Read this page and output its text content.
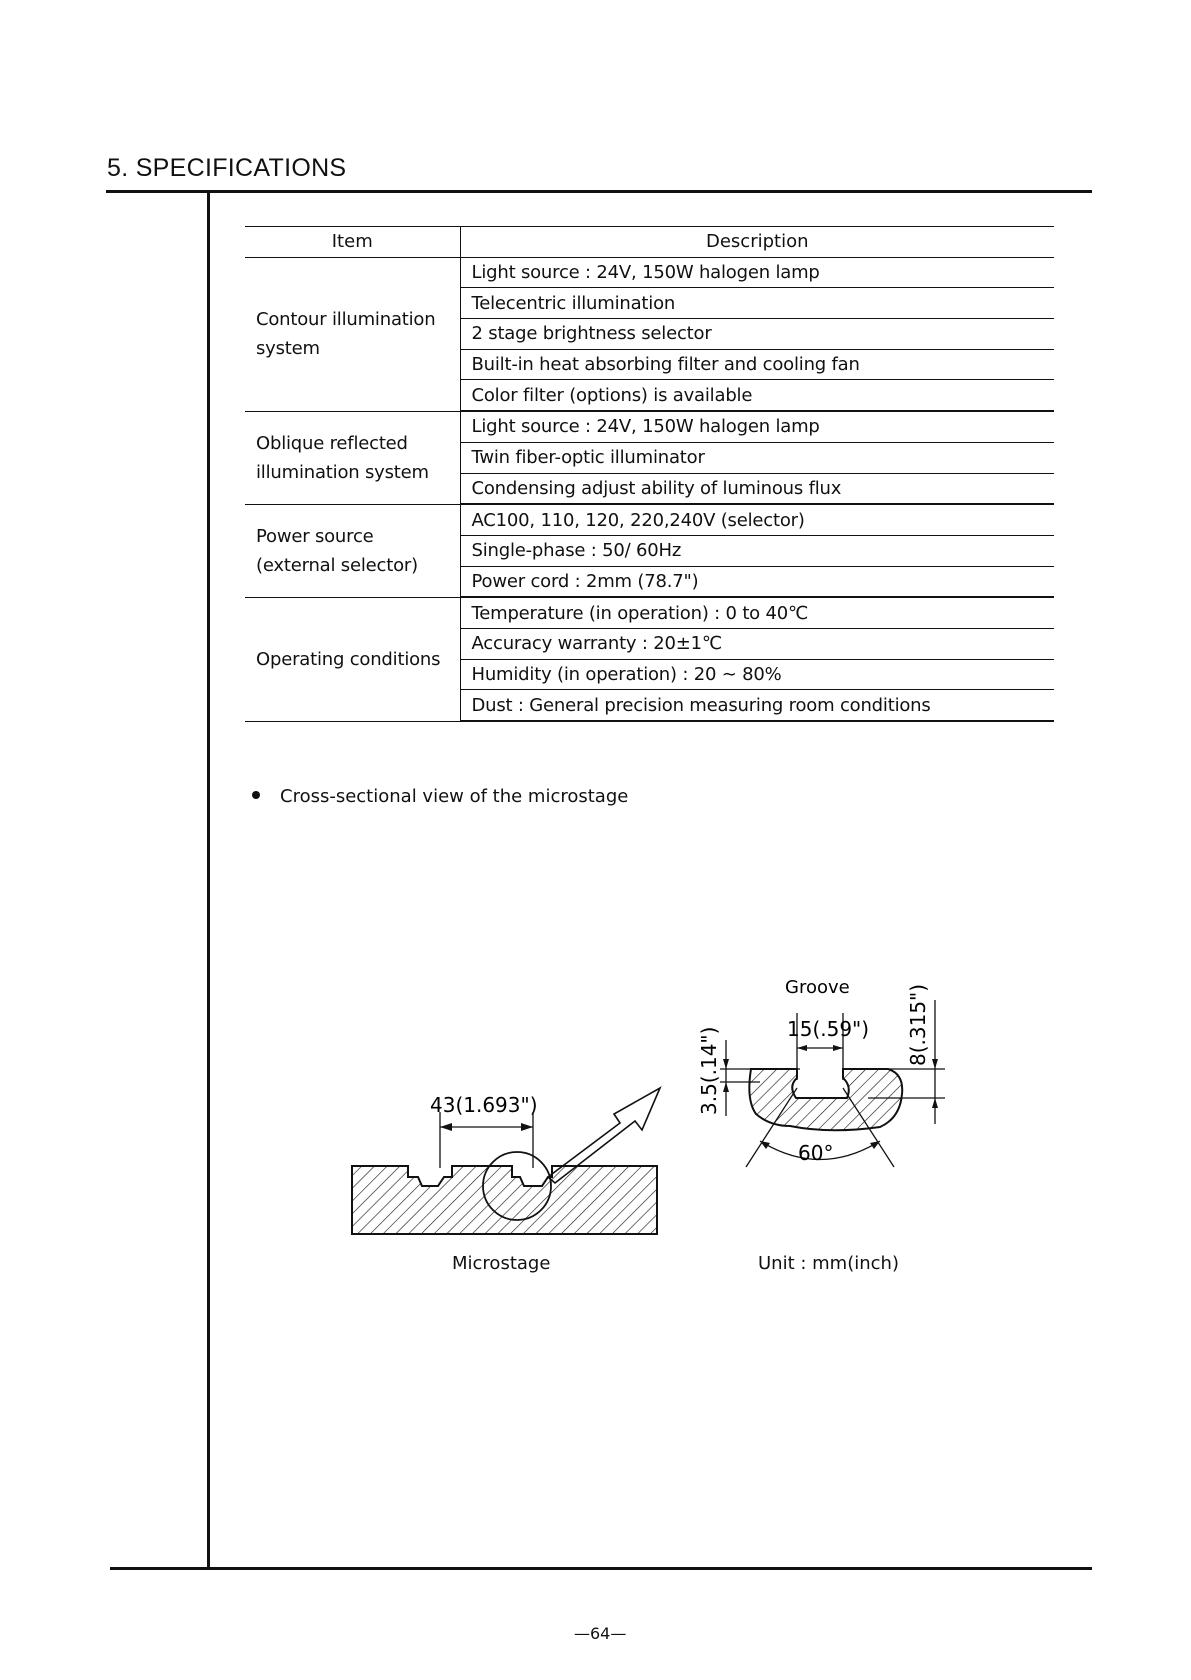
5. SPECIFICATIONS
Item	Description
Contour illumination
system	Light source : 24V, 150W halogen lamp
	Telecentric illumination
	2 stage brightness selector
	Built-in heat absorbing filter and cooling fan
	Color filter (options) is available
Oblique reflected
illumination system	Light source : 24V, 150W halogen lamp
	Twin fiber-optic illuminator
	Condensing adjust ability of luminous flux
Power source
(external selector)	AC100, 110, 120, 220,240V (selector)
	Single-phase : 50∕ 60Hz
	Power cord : 2mm (78.7")
Operating conditions	Temperature (in operation) : 0 to 40℃
	Accuracy warranty : 20±1℃
	Humidity (in operation) : 20 ∼ 80%
	Dust : General precision measuring room conditions
Cross-sectional view of the microstage
43(1.693")
Groove
15(.59")
3.5(.14")
8(.315")
60°
Microstage	Unit : mm(inch)
—64—
